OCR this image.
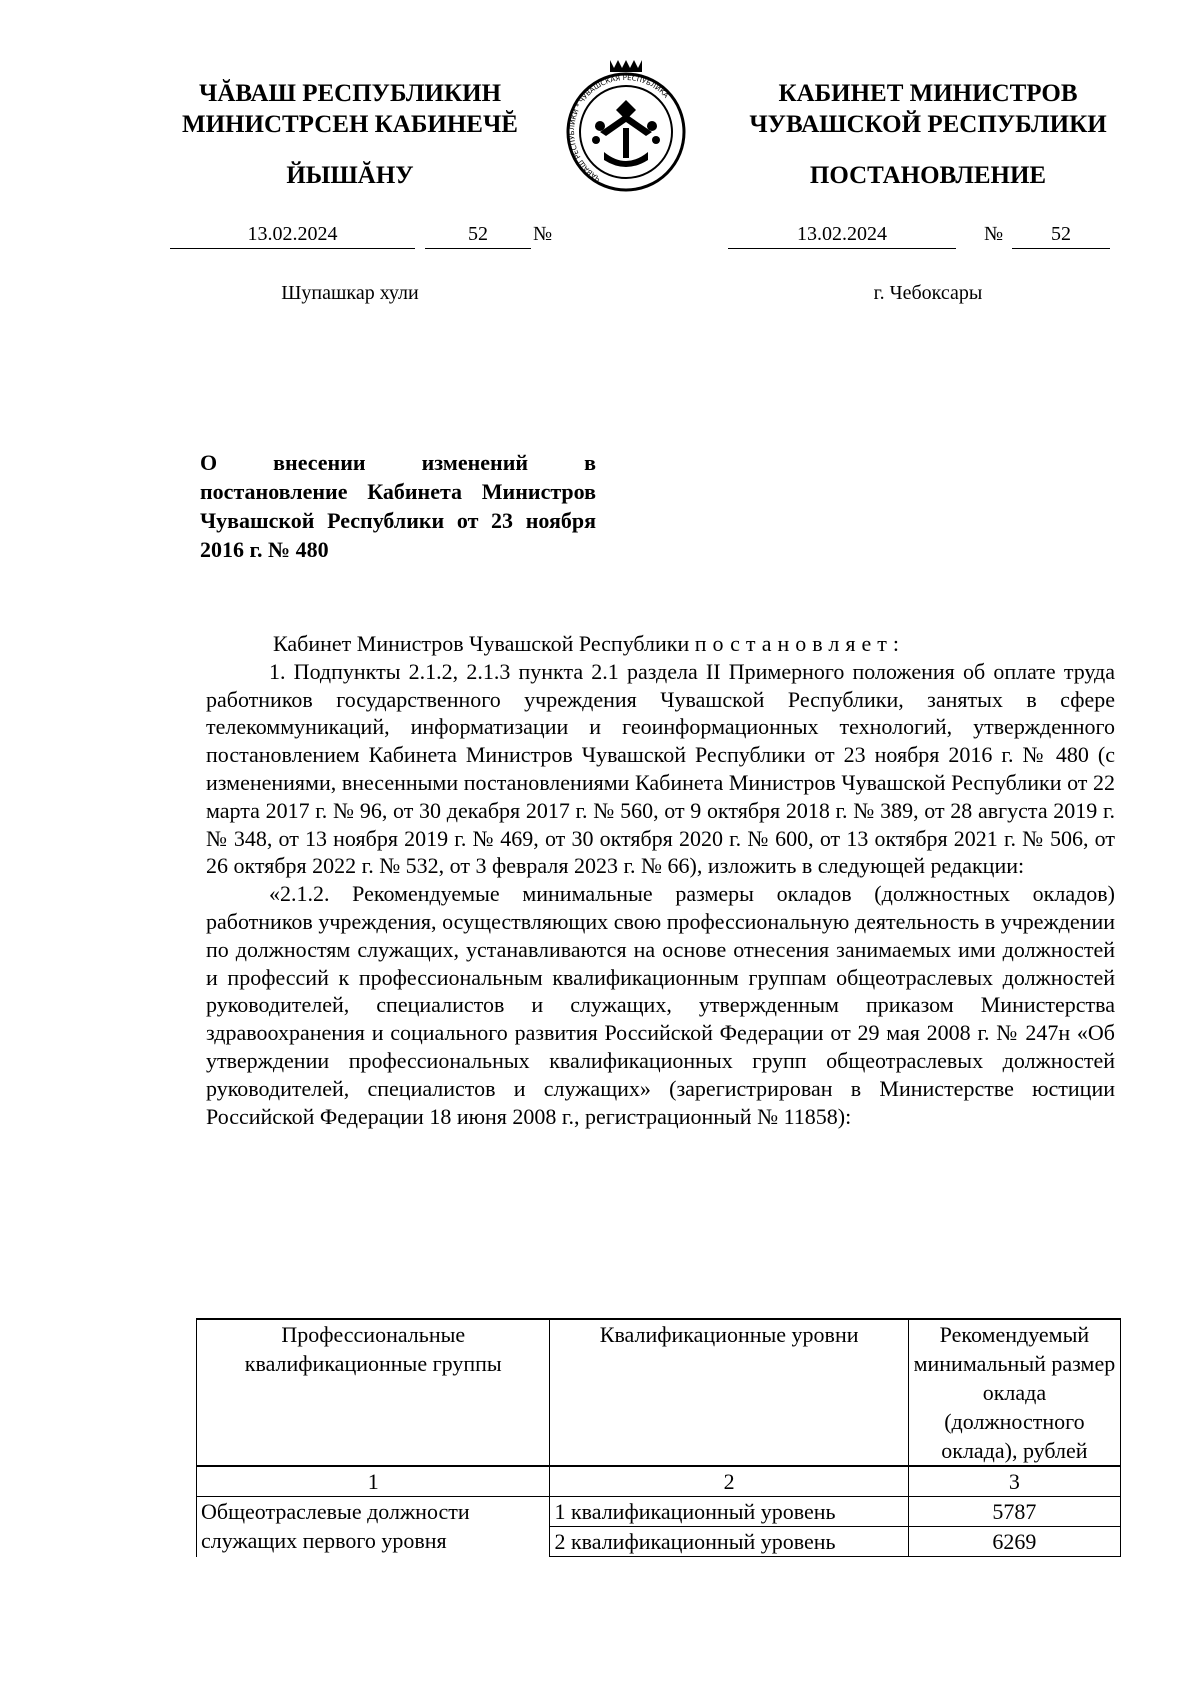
ЧĂВАШ РЕСПУБЛИКИН
МИНИСТРСЕН КАБИНЕЧĔ
ЙЫШĂНУ	ЧĂВАШ РЕСПУБЛИКИ * ЧУВАШСКАЯ РЕСПУБЛИКА	КАБИНЕТ МИНИСТРОВ
ЧУВАШСКОЙ РЕСПУБЛИКИ
ПОСТАНОВЛЕНИЕ
13.02.2024	52	№	13.02.2024	№	52
Шупашкар хули	г. Чебоксары
О внесении изменений в постановление Кабинета Министров Чувашской Республики от 23 ноября 2016 г. № 480

Кабинет Министров Чувашской Республики постановляет:

1. Подпункты 2.1.2, 2.1.3 пункта 2.1 раздела II Примерного положения об оплате труда работников государственного учреждения Чувашской Республики, занятых в сфере телекоммуникаций, информатизации и геоинформационных технологий, утвержденного постановлением Кабинета Министров Чувашской Республики от 23 ноября 2016 г. № 480 (с изменениями, внесенными постановлениями Кабинета Министров Чувашской Республики от 22 марта 2017 г. № 96, от 30 декабря 2017 г. № 560, от 9 октября 2018 г. № 389, от 28 августа 2019 г. № 348, от 13 ноября 2019 г. № 469, от 30 октября 2020 г. № 600, от 13 октября 2021 г. № 506, от 26 октября 2022 г. № 532, от 3 февраля 2023 г. № 66), изложить в следующей редакции:

«2.1.2. Рекомендуемые минимальные размеры окладов (должностных окладов) работников учреждения, осуществляющих свою профессиональную деятельность в учреждении по должностям служащих, устанавливаются на основе отнесения занимаемых ими должностей и профессий к профессиональным квалификационным группам общеотраслевых должностей руководителей, специалистов и служащих, утвержденным приказом Министерства здравоохранения и социального развития Российской Федерации от 29 мая 2008 г. № 247н «Об утверждении профессиональных квалификационных групп общеотраслевых должностей руководителей, специалистов и служащих» (зарегистрирован в Министерстве юстиции Российской Федерации 18 июня 2008 г., регистрационный № 11858):

Профессиональные квалификационные группы	Квалификационные уровни	Рекомендуемый минимальный размер оклада (должностного оклада), рублей
1	2	3
Общеотраслевые должности служащих первого уровня	1 квалификационный уровень	5787
	2 квалификационный уровень	6269
